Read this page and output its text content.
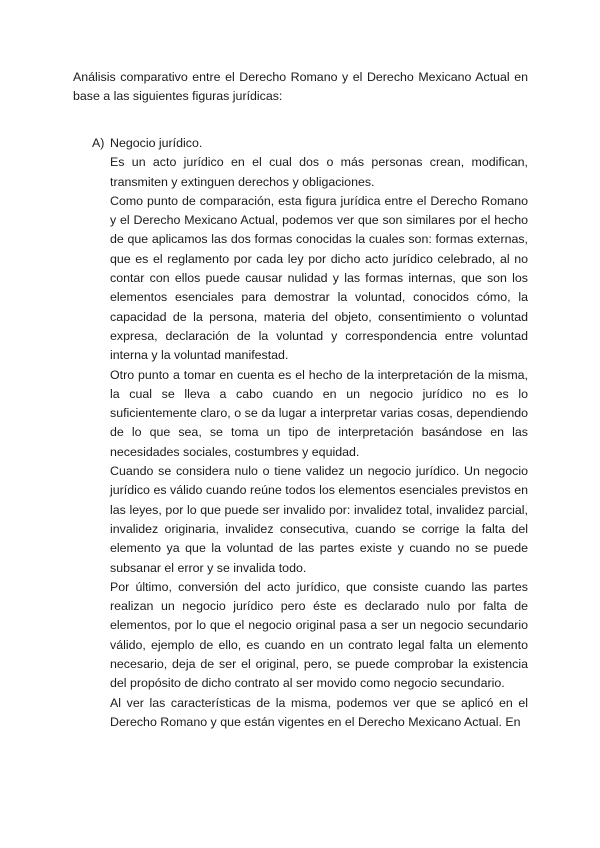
Análisis comparativo entre el Derecho Romano y el Derecho Mexicano Actual en base a las siguientes figuras jurídicas:

A) Negocio jurídico.

Es un acto jurídico en el cual dos o más personas crean, modifican, transmiten y extinguen derechos y obligaciones.

Como punto de comparación, esta figura jurídica entre el Derecho Romano y el Derecho Mexicano Actual, podemos ver que son similares por el hecho de que aplicamos las dos formas conocidas la cuales son: formas externas, que es el reglamento por cada ley por dicho acto jurídico celebrado, al no contar con ellos puede causar nulidad y las formas internas, que son los elementos esenciales para demostrar la voluntad, conocidos cómo, la capacidad de la persona, materia del objeto, consentimiento o voluntad expresa, declaración de la voluntad y correspondencia entre voluntad interna y la voluntad manifestad.

Otro punto a tomar en cuenta es el hecho de la interpretación de la misma, la cual se lleva a cabo cuando en un negocio jurídico no es lo suficientemente claro, o se da lugar a interpretar varias cosas, dependiendo de lo que sea, se toma un tipo de interpretación basándose en las necesidades sociales, costumbres y equidad.

Cuando se considera nulo o tiene validez un negocio jurídico. Un negocio jurídico es válido cuando reúne todos los elementos esenciales previstos en las leyes, por lo que puede ser invalido por: invalidez total, invalidez parcial, invalidez originaria, invalidez consecutiva, cuando se corrige la falta del elemento ya que la voluntad de las partes existe y cuando no se puede subsanar el error y se invalida todo.

Por último, conversión del acto jurídico, que consiste cuando las partes realizan un negocio jurídico pero éste es declarado nulo por falta de elementos, por lo que el negocio original pasa a ser un negocio secundario válido, ejemplo de ello, es cuando en un contrato legal falta un elemento necesario, deja de ser el original, pero, se puede comprobar la existencia del propósito de dicho contrato al ser movido como negocio secundario.

Al ver las características de la misma, podemos ver que se aplicó en el Derecho Romano y que están vigentes en el Derecho Mexicano Actual. En
